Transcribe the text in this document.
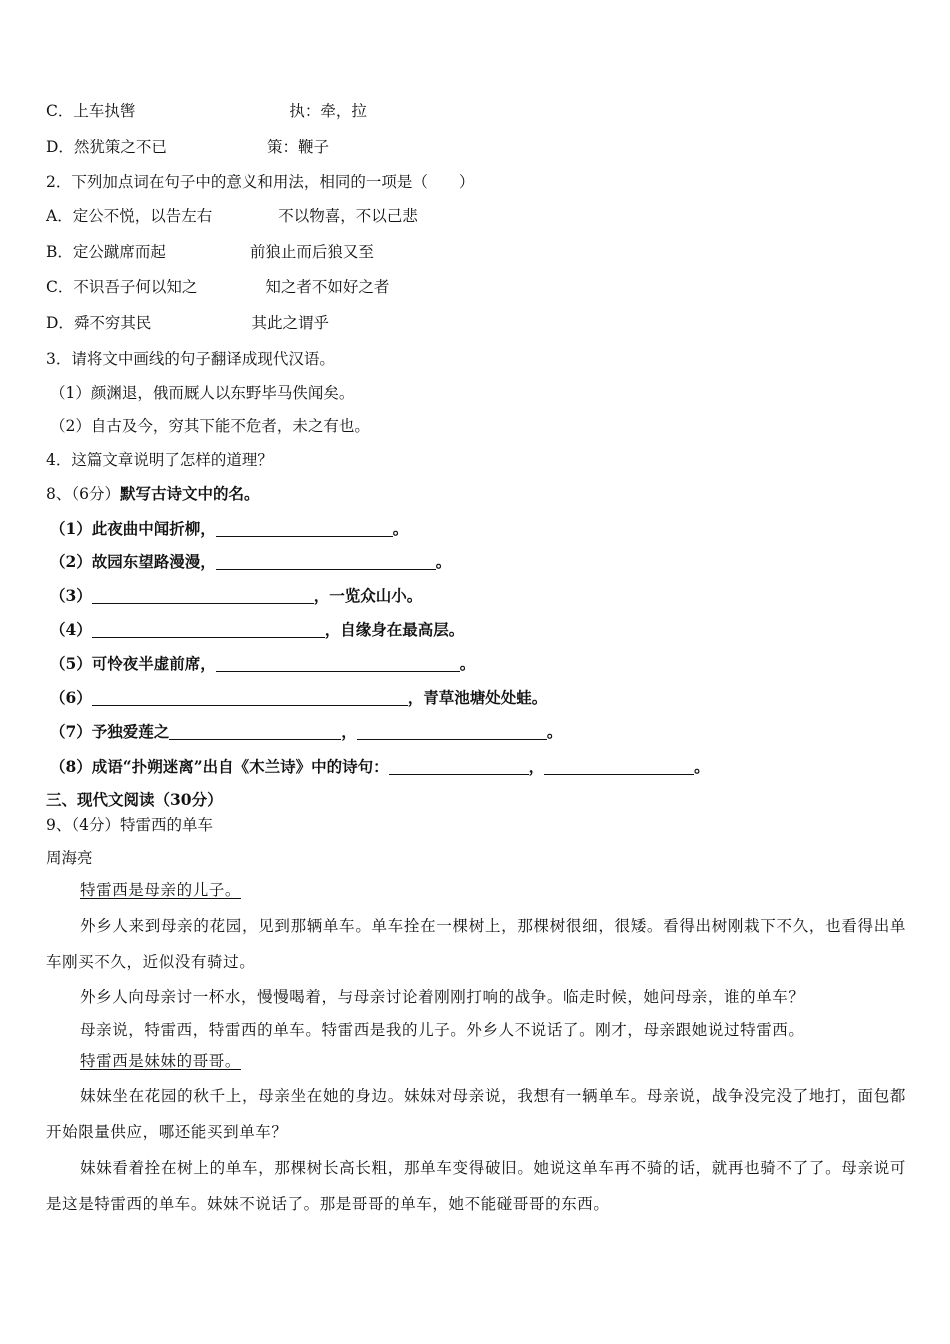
C．上车执辔	执：牵，拉
D．然犹策之不已	策：鞭子
2．下列加点词在句子中的意义和用法，相同的一项是（　　）
A．定公不悦，以告左右	不以物喜，不以己悲
B．定公蹴席而起	前狼止而后狼又至
C．不识吾子何以知之	知之者不如好之者
D．舜不穷其民	其此之谓乎
3．请将文中画线的句子翻译成现代汉语。
（1）颜渊退，俄而厩人以东野毕马佚闻矣。
（2）自古及今，穷其下能不危者，未之有也。
4．这篇文章说明了怎样的道理？
8、（6分）默写古诗文中的名。
（1）此夜曲中闻折柳，	。
（2）故园东望路漫漫，	。
（3）	，一览众山小。
（4）	，自缘身在最高层。
（5）可怜夜半虚前席，	。
（6）	，青草池塘处处蛙。
（7）予独爱莲之	，	。
（8）成语“扑朔迷离”出自《木兰诗》中的诗句：	，	。
三、现代文阅读（30分）
9、（4分）特雷西的单车
周海亮
特雷西是母亲的儿子。
外乡人来到母亲的花园，见到那辆单车。单车拴在一棵树上，那棵树很细，很矮。看得出树刚栽下不久，也看得出单车刚买不久，近似没有骑过。
外乡人向母亲讨一杯水，慢慢喝着，与母亲讨论着刚刚打响的战争。临走时候，她问母亲，谁的单车？
母亲说，特雷西，特雷西的单车。特雷西是我的儿子。外乡人不说话了。刚才，母亲跟她说过特雷西。
特雷西是妹妹的哥哥。
妹妹坐在花园的秋千上，母亲坐在她的身边。妹妹对母亲说，我想有一辆单车。母亲说，战争没完没了地打，面包都开始限量供应，哪还能买到单车？
妹妹看着拴在树上的单车，那棵树长高长粗，那单车变得破旧。她说这单车再不骑的话，就再也骑不了了。母亲说可是这是特雷西的单车。妹妹不说话了。那是哥哥的单车，她不能碰哥哥的东西。
